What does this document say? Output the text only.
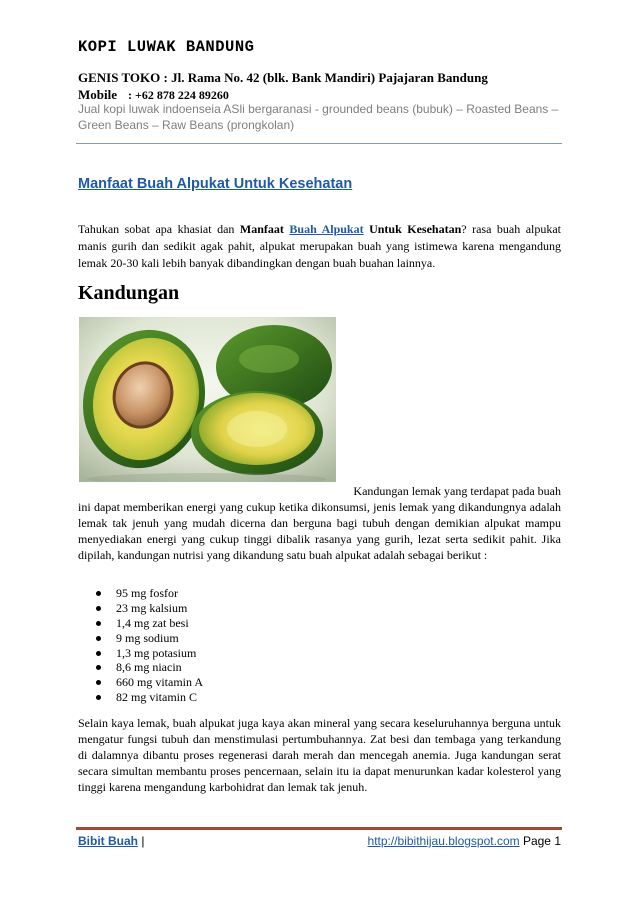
KOPI LUWAK BANDUNG
GENIS TOKO : Jl. Rama No. 42 (blk. Bank Mandiri) Pajajaran Bandung
Mobile : +62 878 224 89260
Jual kopi luwak indoenseia ASli bergaranasi - grounded beans (bubuk) – Roasted Beans – Green Beans – Raw Beans (prongkolan)
Manfaat Buah Alpukat Untuk Kesehatan
Tahukan sobat apa khasiat dan Manfaat Buah Alpukat Untuk Kesehatan? rasa buah alpukat manis gurih dan sedikit agak pahit, alpukat merupakan buah yang istimewa karena mengandung lemak 20-30 kali lebih banyak dibandingkan dengan buah buahan lainnya.
Kandungan
Kandungan lemak yang terdapat pada buah
ini dapat memberikan energi yang cukup ketika dikonsumsi, jenis lemak yang dikandungnya adalah lemak tak jenuh yang mudah dicerna dan berguna bagi tubuh dengan demikian alpukat mampu menyediakan energi yang cukup tinggi dibalik rasanya yang gurih, lezat serta sedikit pahit. Jika dipilah, kandungan nutrisi yang dikandung satu buah alpukat adalah sebagai berikut :
95 mg fosfor
23 mg kalsium
1,4 mg zat besi
9 mg sodium
1,3 mg potasium
8,6 mg niacin
660 mg vitamin A
82 mg vitamin C
Selain kaya lemak, buah alpukat juga kaya akan mineral yang secara keseluruhannya berguna untuk mengatur fungsi tubuh dan menstimulasi pertumbuhannya. Zat besi dan tembaga yang terkandung di dalamnya dibantu proses regenerasi darah merah dan mencegah anemia. Juga kandungan serat secara simultan membantu proses pencernaan, selain itu ia dapat menurunkan kadar kolesterol yang tinggi karena mengandung karbohidrat dan lemak tak jenuh.
Bibit Buah |	http://bibithijau.blogspot.com Page 1
